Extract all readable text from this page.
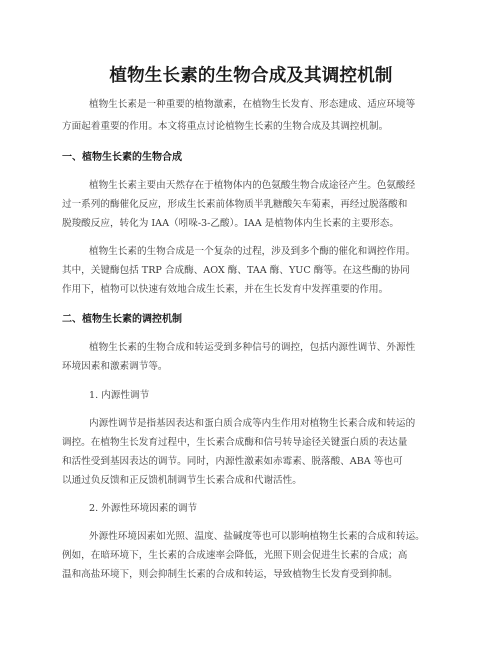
植物生长素的生物合成及其调控机制
植物生长素是一种重要的植物激素，在植物生长发育、形态建成、适应环境等
方面起着重要的作用。本文将重点讨论植物生长素的生物合成及其调控机制。
一、植物生长素的生物合成
植物生长素主要由天然存在于植物体内的色氨酸生物合成途径产生。色氨酸经
过一系列的酶催化反应，形成生长素前体物质半乳糖酸矢车菊素，再经过脱落酸和
脱羧酸反应，转化为 IAA（吲哚-3-乙酸）。IAA 是植物体内生长素的主要形态。
植物生长素的生物合成是一个复杂的过程，涉及到多个酶的催化和调控作用。
其中，关键酶包括 TRP 合成酶、AOX 酶、TAA 酶、YUC 酶等。在这些酶的协同
作用下，植物可以快速有效地合成生长素，并在生长发育中发挥重要的作用。
二、植物生长素的调控机制
植物生长素的生物合成和转运受到多种信号的调控，包括内源性调节、外源性
环境因素和激素调节等。
1. 内源性调节
内源性调节是指基因表达和蛋白质合成等内生作用对植物生长素合成和转运的
调控。在植物生长发育过程中，生长素合成酶和信号转导途径关键蛋白质的表达量
和活性受到基因表达的调节。同时，内源性激素如赤霉素、脱落酸、ABA 等也可
以通过负反馈和正反馈机制调节生长素合成和代谢活性。
2. 外源性环境因素的调节
外源性环境因素如光照、温度、盐碱度等也可以影响植物生长素的合成和转运。
例如，在暗环境下，生长素的合成速率会降低，光照下则会促进生长素的合成；高
温和高盐环境下，则会抑制生长素的合成和转运，导致植物生长发育受到抑制。
